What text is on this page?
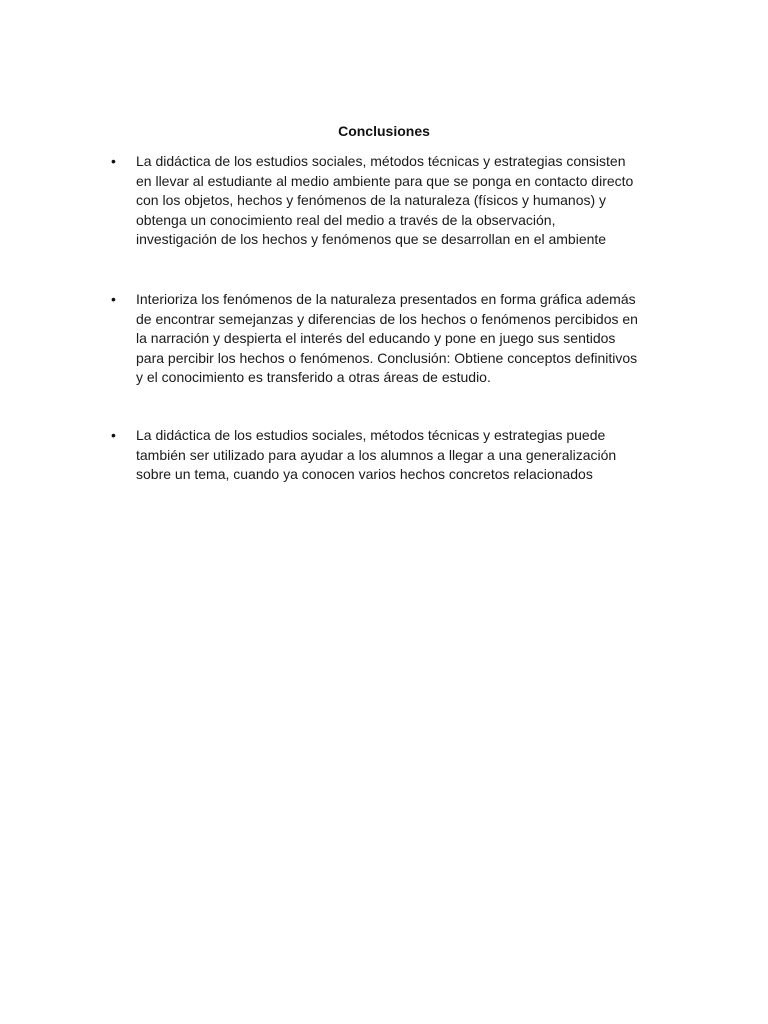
Conclusiones
•	La didáctica de los estudios sociales, métodos técnicas y estrategias consisten
en llevar al estudiante al medio ambiente para que se ponga en contacto directo
con los objetos, hechos y fenómenos de la naturaleza (físicos y humanos) y
obtenga un conocimiento real del medio a través de la observación,
investigación de los hechos y fenómenos que se desarrollan en el ambiente
•	Interioriza los fenómenos de la naturaleza presentados en forma gráfica además
de encontrar semejanzas y diferencias de los hechos o fenómenos percibidos en
la narración y despierta el interés del educando y pone en juego sus sentidos
para percibir los hechos o fenómenos. Conclusión: Obtiene conceptos definitivos
y el conocimiento es transferido a otras áreas de estudio.
•	La didáctica de los estudios sociales, métodos técnicas y estrategias puede
también ser utilizado para ayudar a los alumnos a llegar a una generalización
sobre un tema, cuando ya conocen varios hechos concretos relacionados
